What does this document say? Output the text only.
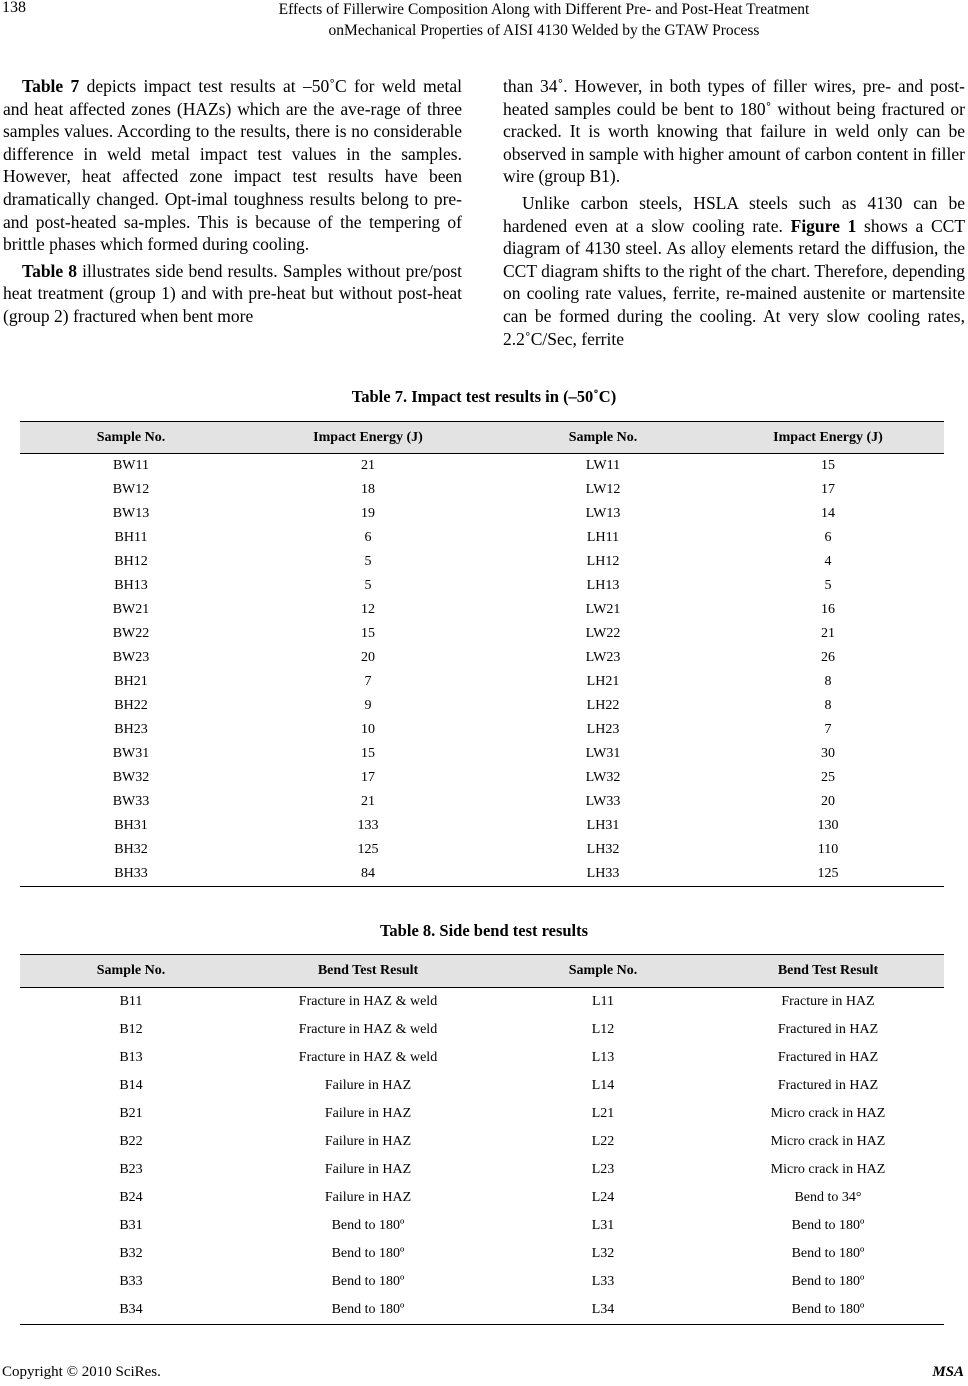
138	Effects of Fillerwire Composition Along with Different Pre- and Post-Heat Treatment
onMechanical Properties of AISI 4130 Welded by the GTAW Process

Table 7 depicts impact test results at –50˚C for weld metal and heat affected zones (HAZs) which are the ave-rage of three samples values. According to the results, there is no considerable difference in weld metal impact test values in the samples. However, heat affected zone impact test results have been dramatically changed. Opt-imal toughness results belong to pre- and post-heated sa-mples. This is because of the tempering of brittle phases which formed during cooling.

Table 8 illustrates side bend results. Samples without pre/post heat treatment (group 1) and with pre-heat but without post-heat (group 2) fractured when bent more

than 34˚. However, in both types of filler wires, pre- and post-heated samples could be bent to 180˚ without being fractured or cracked. It is worth knowing that failure in weld only can be observed in sample with higher amount of carbon content in filler wire (group B1).

Unlike carbon steels, HSLA steels such as 4130 can be hardened even at a slow cooling rate. Figure 1 shows a CCT diagram of 4130 steel. As alloy elements retard the diffusion, the CCT diagram shifts to the right of the chart. Therefore, depending on cooling rate values, ferrite, re-mained austenite or martensite can be formed during the cooling. At very slow cooling rates, 2.2˚C/Sec, ferrite

Table 7. Impact test results in (–50˚C)
Sample No.	Impact Energy (J)	Sample No.	Impact Energy (J)
BW11	21	LW11	15
BW12	18	LW12	17
BW13	19	LW13	14
BH11	6	LH11	6
BH12	5	LH12	4
BH13	5	LH13	5
BW21	12	LW21	16
BW22	15	LW22	21
BW23	20	LW23	26
BH21	7	LH21	8
BH22	9	LH22	8
BH23	10	LH23	7
BW31	15	LW31	30
BW32	17	LW32	25
BW33	21	LW33	20
BH31	133	LH31	130
BH32	125	LH32	110
BH33	84	LH33	125
Table 8. Side bend test results
Sample No.	Bend Test Result	Sample No.	Bend Test Result
B11	Fracture in HAZ & weld	L11	Fracture in HAZ
B12	Fracture in HAZ & weld	L12	Fractured in HAZ
B13	Fracture in HAZ & weld	L13	Fractured in HAZ
B14	Failure in HAZ	L14	Fractured in HAZ
B21	Failure in HAZ	L21	Micro crack in HAZ
B22	Failure in HAZ	L22	Micro crack in HAZ
B23	Failure in HAZ	L23	Micro crack in HAZ
B24	Failure in HAZ	L24	Bend to 34°
B31	Bend to 180º	L31	Bend to 180º
B32	Bend to 180º	L32	Bend to 180º
B33	Bend to 180º	L33	Bend to 180º
B34	Bend to 180º	L34	Bend to 180º
Copyright © 2010 SciRes.	MSA
